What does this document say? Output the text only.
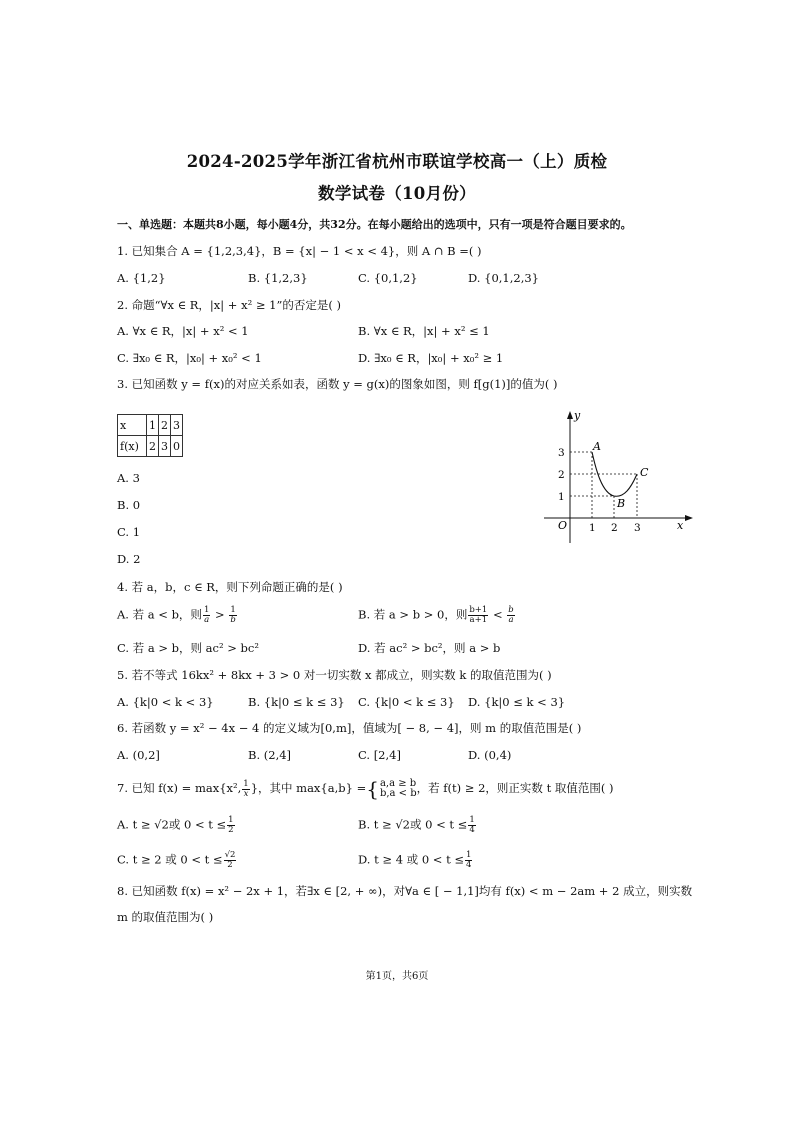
2024-2025学年浙江省杭州市联谊学校高一（上）质检
数学试卷（10月份）
一、单选题：本题共8小题，每小题4分，共32分。在每小题给出的选项中，只有一项是符合题目要求的。
1. 已知集合 A = {1,2,3,4}，B = {x| − 1 < x < 4}，则 A ∩ B =( )
A. {1,2}	B. {1,2,3}	C. {0,1,2}	D. {0,1,2,3}
2. 命题“∀x ∈ R，|x| + x² ≥ 1”的否定是( )
A. ∀x ∈ R，|x| + x² < 1	B. ∀x ∈ R，|x| + x² ≤ 1
C. ∃x₀ ∈ R，|x₀| + x₀² < 1	D. ∃x₀ ∈ R，|x₀| + x₀² ≥ 1
3. 已知函数 y = f(x)的对应关系如表，函数 y = g(x)的图象如图，则 f[g(1)]的值为( )
x	1	2	3
f(x)	2	3	0
A. 3
B. 0
C. 1
D. 2
y
x
O
1
2
3
1 2 3
A
B
C
4. 若 a，b，c ∈ R，则下列命题正确的是( )
A. 若 a < b，则 $\frac{1}{a} > \frac{1}{b}$	B. 若 a > b > 0，则 $\frac{b+1}{a+1} < \frac{b}{a}$
C. 若 a > b，则 ac² > bc²	D. 若 ac² > bc²，则 a > b
5. 若不等式 16kx² + 8kx + 3 > 0 对一切实数 x 都成立，则实数 k 的取值范围为( )
A. {k|0 < k < 3}	B. {k|0 ≤ k ≤ 3} C. {k|0 < k ≤ 3} D. {k|0 ≤ k < 3}
6. 若函数 y = x² − 4x − 4 的定义域为[0,m]，值域为[ − 8, − 4]，则 m 的取值范围是( )
A. (0,2]	B. (2,4]	C. [2,4]	D. (0,4)
7. 已知 f(x) = max{x², $\frac{1}{x}$ }，其中 max{a,b} ={ a,a ≥ b
b,a < b ，若 f(t) ≥ 2，则正实数 t 取值范围( )
A. t ≥ √2或 $0 < t \le \frac{1}{2}$	B. t ≥ √2或 $0 < t \le \frac{1}{4}$
C. t ≥ 2 或 $0 < t \le \frac{√2}{2}$	D. t ≥ 4 或 $0 < t \le \frac{1}{4}$
8. 已知函数 f(x) = x² − 2x + 1，若∃x ∈ [2, + ∞)，对∀a ∈ [ − 1,1]均有 f(x) < m − 2am + 2 成立，则实数
m 的取值范围为( )
第1页，共6页
